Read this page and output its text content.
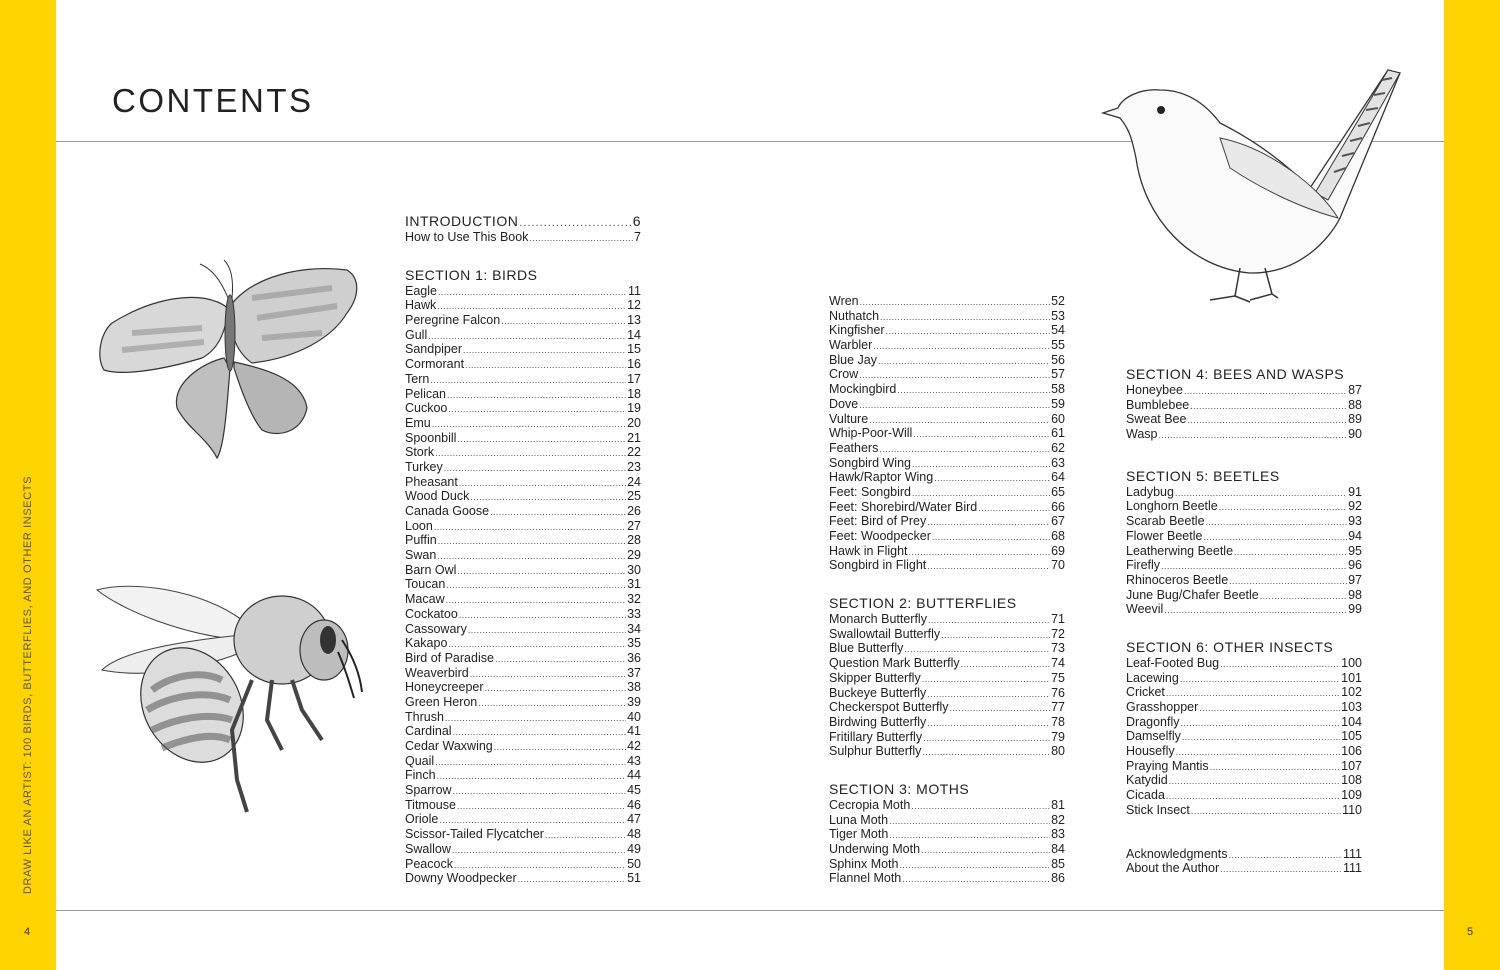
DRAW LIKE AN ARTIST: 100 BIRDS, BUTTERFLIES, AND OTHER INSECTS
4	5
CONTENTS
INTRODUCTION .....	6
How to Use This Book .....	7
SECTION 1: BIRDS
Eagle .....	11
Hawk .....	12
Peregrine Falcon .....	13
Gull .....	14
Sandpiper .....	15
Cormorant .....	16
Tern .....	17
Pelican .....	18
Cuckoo .....	19
Emu .....	20
Spoonbill .....	21
Stork .....	22
Turkey .....	23
Pheasant .....	24
Wood Duck .....	25
Canada Goose .....	26
Loon .....	27
Puffin .....	28
Swan .....	29
Barn Owl .....	30
Toucan .....	31
Macaw .....	32
Cockatoo .....	33
Cassowary .....	34
Kakapo .....	35
Bird of Paradise .....	36
Weaverbird .....	37
Honeycreeper .....	38
Green Heron .....	39
Thrush .....	40
Cardinal .....	41
Cedar Waxwing .....	42
Quail .....	43
Finch .....	44
Sparrow .....	45
Titmouse .....	46
Oriole .....	47
Scissor-Tailed Flycatcher .....	48
Swallow .....	49
Peacock .....	50
Downy Woodpecker .....	51
Wren .....	52
Nuthatch .....	53
Kingfisher .....	54
Warbler .....	55
Blue Jay .....	56
Crow .....	57
Mockingbird .....	58
Dove .....	59
Vulture .....	60
Whip-Poor-Will .....	61
Feathers .....	62
Songbird Wing .....	63
Hawk/Raptor Wing .....	64
Feet: Songbird .....	65
Feet: Shorebird/Water Bird .....	66
Feet: Bird of Prey .....	67
Feet: Woodpecker .....	68
Hawk in Flight .....	69
Songbird in Flight .....	70
SECTION 2: BUTTERFLIES
Monarch Butterfly .....	71
Swallowtail Butterfly .....	72
Blue Butterfly .....	73
Question Mark Butterfly .....	74
Skipper Butterfly .....	75
Buckeye Butterfly .....	76
Checkerspot Butterfly .....	77
Birdwing Butterfly .....	78
Fritillary Butterfly .....	79
Sulphur Butterfly .....	80
SECTION 3: MOTHS
Cecropia Moth .....	81
Luna Moth .....	82
Tiger Moth .....	83
Underwing Moth .....	84
Sphinx Moth .....	85
Flannel Moth .....	86
SECTION 4: BEES AND WASPS
Honeybee .....	87
Bumblebee .....	88
Sweat Bee .....	89
Wasp .....	90
SECTION 5: BEETLES
Ladybug .....	91
Longhorn Beetle .....	92
Scarab Beetle .....	93
Flower Beetle .....	94
Leatherwing Beetle .....	95
Firefly .....	96
Rhinoceros Beetle .....	97
June Bug/Chafer Beetle .....	98
Weevil .....	99
SECTION 6: OTHER INSECTS
Leaf-Footed Bug .....	100
Lacewing .....	101
Cricket .....	102
Grasshopper .....	103
Dragonfly .....	104
Damselfly .....	105
Housefly .....	106
Praying Mantis .....	107
Katydid .....	108
Cicada .....	109
Stick Insect .....	110
Acknowledgments .....	111
About the Author .....	111
